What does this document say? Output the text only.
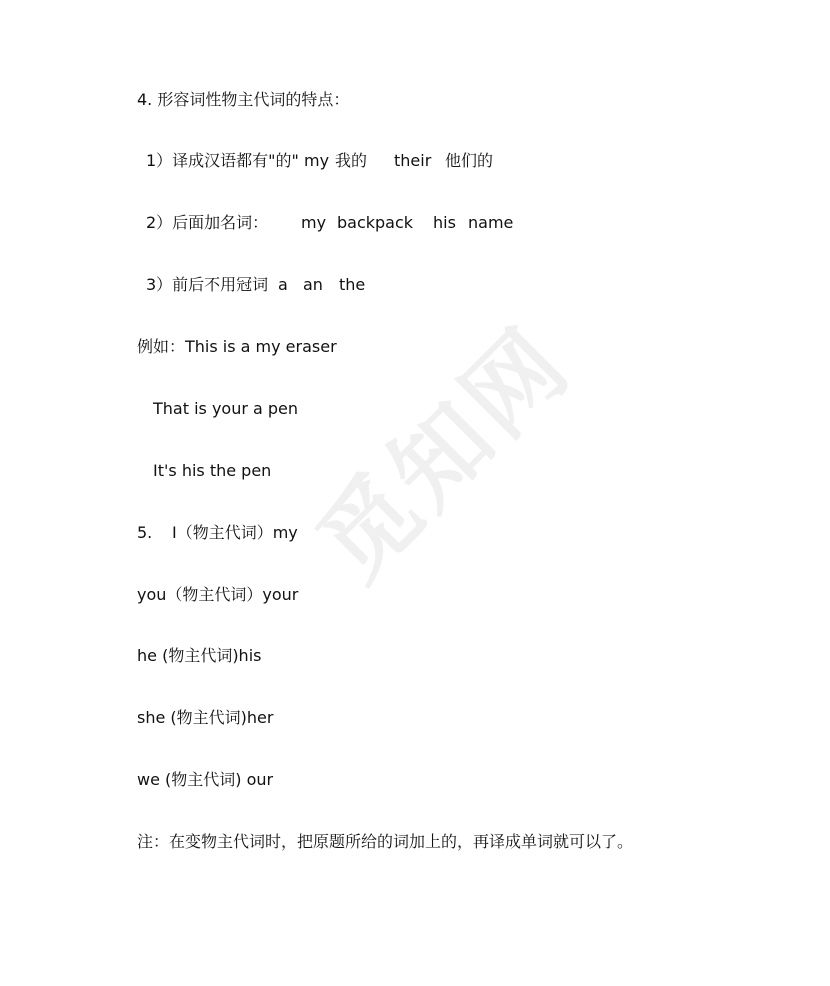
觅知网
4. 形容词性物主代词的特点：

1）译成汉语都有"的" my

我的

their

他们的

2）后面加名词：

my

backpack

his

name

3）前后不用冠词

a

an

the

例如：This is a my eraser
That is your a pen
It's his the pen

5.

I（物主代词）my

you（物主代词）your
he (物主代词)his
she (物主代词)her
we (物主代词) our
注：在变物主代词时，把原题所给的词加上的，再译成单词就可以了。
